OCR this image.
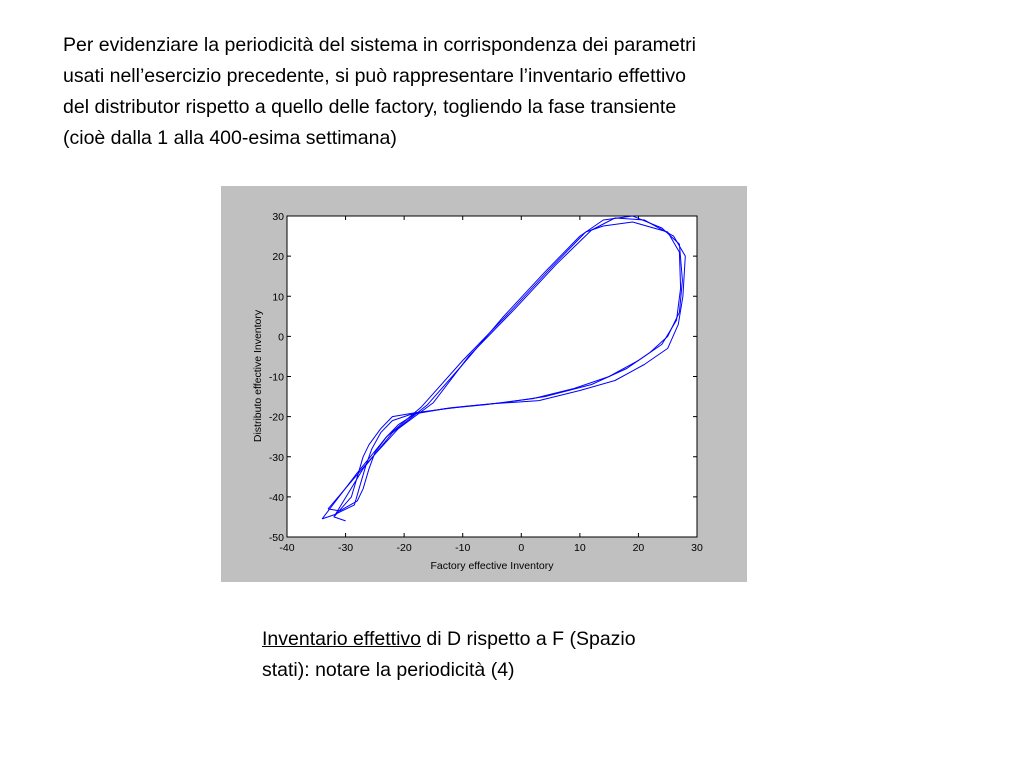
Per evidenziare la periodicità del sistema in corrispondenza dei parametri
usati nell’esercizio precedente, si può rappresentare l’inventario effettivo
del distributor rispetto a quello delle factory, togliendo la fase transiente
(cioè dalla 1 alla 400-esima settimana)

-40	-30	-20	-10	0	10	20	30
30
20
10
0
-10
-20
-30
-40
-50
Factory effective Inventory
Distributo effective Inventory

Inventario effettivo di D rispetto a F (Spazio
stati): notare la periodicità (4)
